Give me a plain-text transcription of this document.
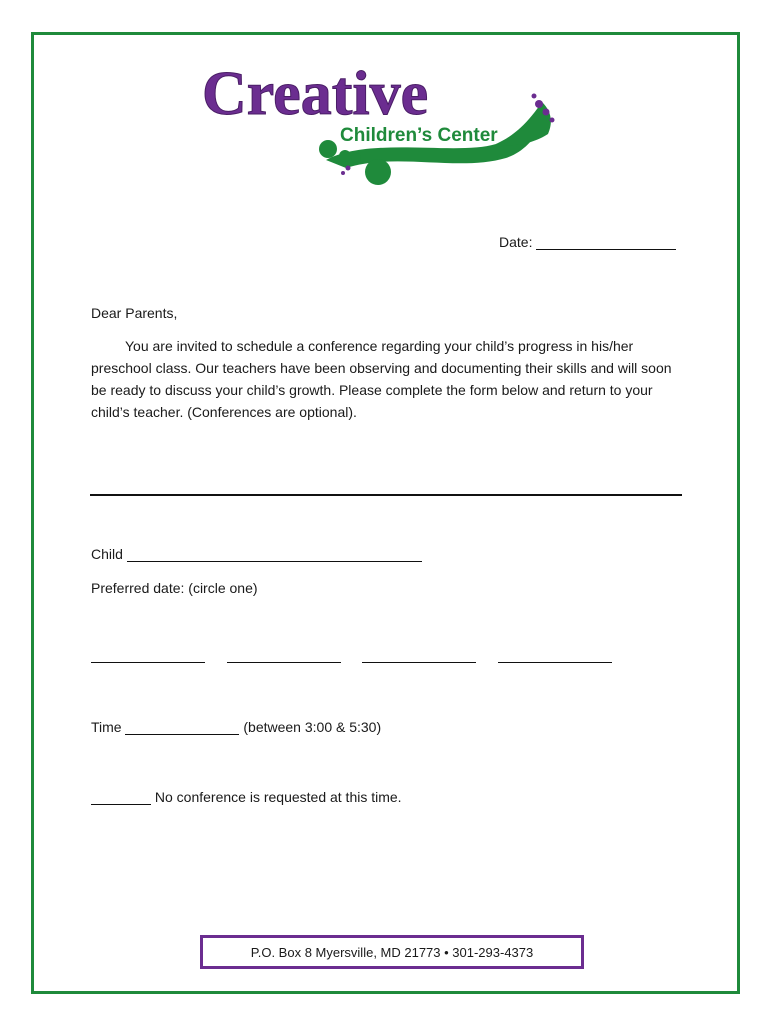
Creative
Children’s Center
Date:
Dear Parents,
You are invited to schedule a conference regarding your child’s progress in his/her preschool class. Our teachers have been observing and documenting their skills and will soon be ready to discuss your child’s growth. Please complete the form below and return to your child’s teacher. (Conferences are optional).
Child
Preferred date: (circle one)
Time	(between 3:00 & 5:30)
No conference is requested at this time.
P.O. Box 8 Myersville, MD 21773 • 301-293-4373
